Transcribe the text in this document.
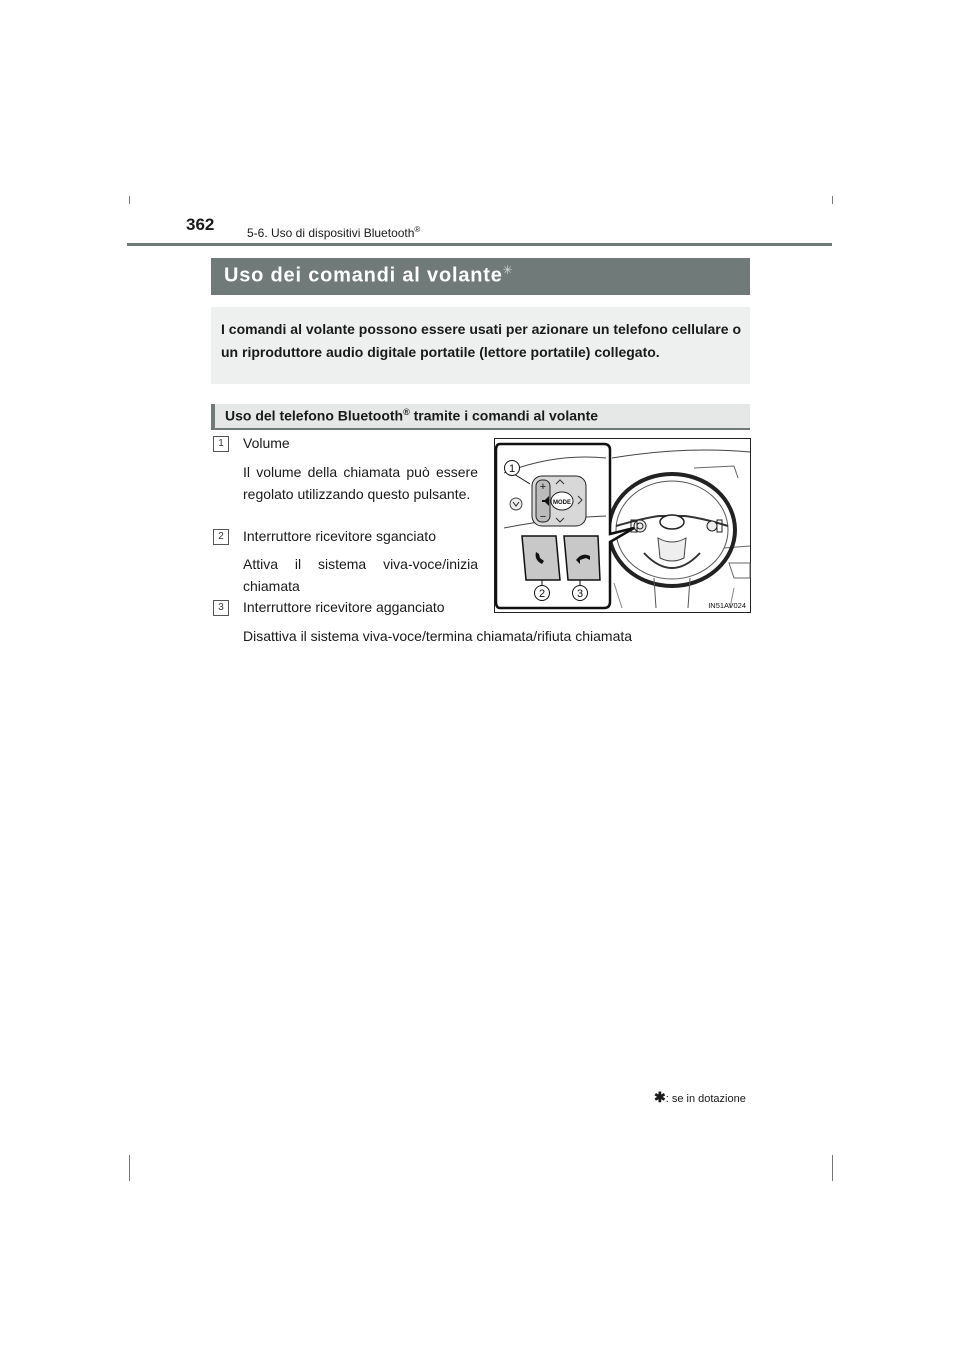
362	5-6. Uso di dispositivi Bluetooth®
Uso dei comandi al volante✳
I comandi al volante possono essere usati per azionare un telefono cellulare o un riproduttore audio digitale portatile (lettore portatile) collegato.
Uso del telefono Bluetooth® tramite i comandi al volante
1	Volume
Il volume della chiamata può essere regolato utilizzando questo pulsante.
2	Interruttore ricevitore sganciato
Attiva il sistema viva-voce/inizia chiamata
3	Interruttore ricevitore agganciato
Disattiva il sistema viva-voce/termina chiamata/rifiuta chiamata
+
−
MODE
1
2	3
IN51AV024
✱: se in dotazione
